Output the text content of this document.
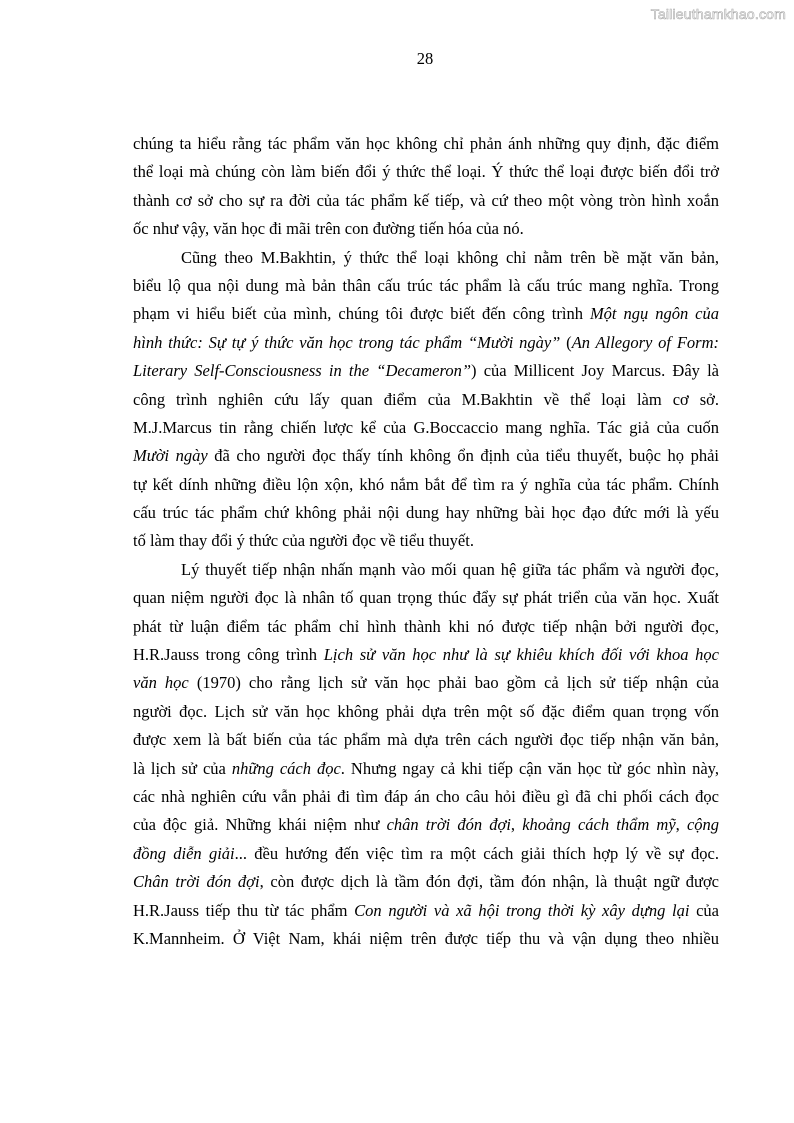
Tailieuthamkhao.com
28
chúng ta hiểu rằng tác phẩm văn học không chỉ phản ánh những quy định, đặc điểm
thể loại mà chúng còn làm biến đổi ý thức thể loại. Ý thức thể loại được biến đổi trở
thành cơ sở cho sự ra đời của tác phẩm kế tiếp, và cứ theo một vòng tròn hình xoắn
ốc như vậy, văn học đi mãi trên con đường tiến hóa của nó.
Cũng theo M.Bakhtin, ý thức thể loại không chỉ nằm trên bề mặt văn bản,
biểu lộ qua nội dung mà bản thân cấu trúc tác phẩm là cấu trúc mang nghĩa. Trong
phạm vi hiểu biết của mình, chúng tôi được biết đến công trình Một ngụ ngôn của
hình thức: Sự tự ý thức văn học trong tác phẩm “Mười ngày” (An Allegory of Form:
Literary Self-Consciousness in the “Decameron”) của Millicent Joy Marcus. Đây là
công trình nghiên cứu lấy quan điểm của M.Bakhtin về thể loại làm cơ sở.
M.J.Marcus tin rằng chiến lược kể của G.Boccaccio mang nghĩa. Tác giả của cuốn
Mười ngày đã cho người đọc thấy tính không ổn định của tiểu thuyết, buộc họ phải
tự kết dính những điều lộn xộn, khó nắm bắt để tìm ra ý nghĩa của tác phẩm. Chính
cấu trúc tác phẩm chứ không phải nội dung hay những bài học đạo đức mới là yếu
tố làm thay đổi ý thức của người đọc về tiểu thuyết.
Lý thuyết tiếp nhận nhấn mạnh vào mối quan hệ giữa tác phẩm và người đọc,
quan niệm người đọc là nhân tố quan trọng thúc đẩy sự phát triển của văn học. Xuất
phát từ luận điểm tác phẩm chỉ hình thành khi nó được tiếp nhận bởi người đọc,
H.R.Jauss trong công trình Lịch sử văn học như là sự khiêu khích đối với khoa học
văn học (1970) cho rằng lịch sử văn học phải bao gồm cả lịch sử tiếp nhận của
người đọc. Lịch sử văn học không phải dựa trên một số đặc điểm quan trọng vốn
được xem là bất biến của tác phẩm mà dựa trên cách người đọc tiếp nhận văn bản,
là lịch sử của những cách đọc. Nhưng ngay cả khi tiếp cận văn học từ góc nhìn này,
các nhà nghiên cứu vẫn phải đi tìm đáp án cho câu hỏi điều gì đã chi phối cách đọc
của độc giả. Những khái niệm như chân trời đón đợi, khoảng cách thẩm mỹ, cộng
đồng diễn giải... đều hướng đến việc tìm ra một cách giải thích hợp lý về sự đọc.
Chân trời đón đợi, còn được dịch là tầm đón đợi, tầm đón nhận, là thuật ngữ được
H.R.Jauss tiếp thu từ tác phẩm Con người và xã hội trong thời kỳ xây dựng lại của
K.Mannheim. Ở Việt Nam, khái niệm trên được tiếp thu và vận dụng theo nhiều
